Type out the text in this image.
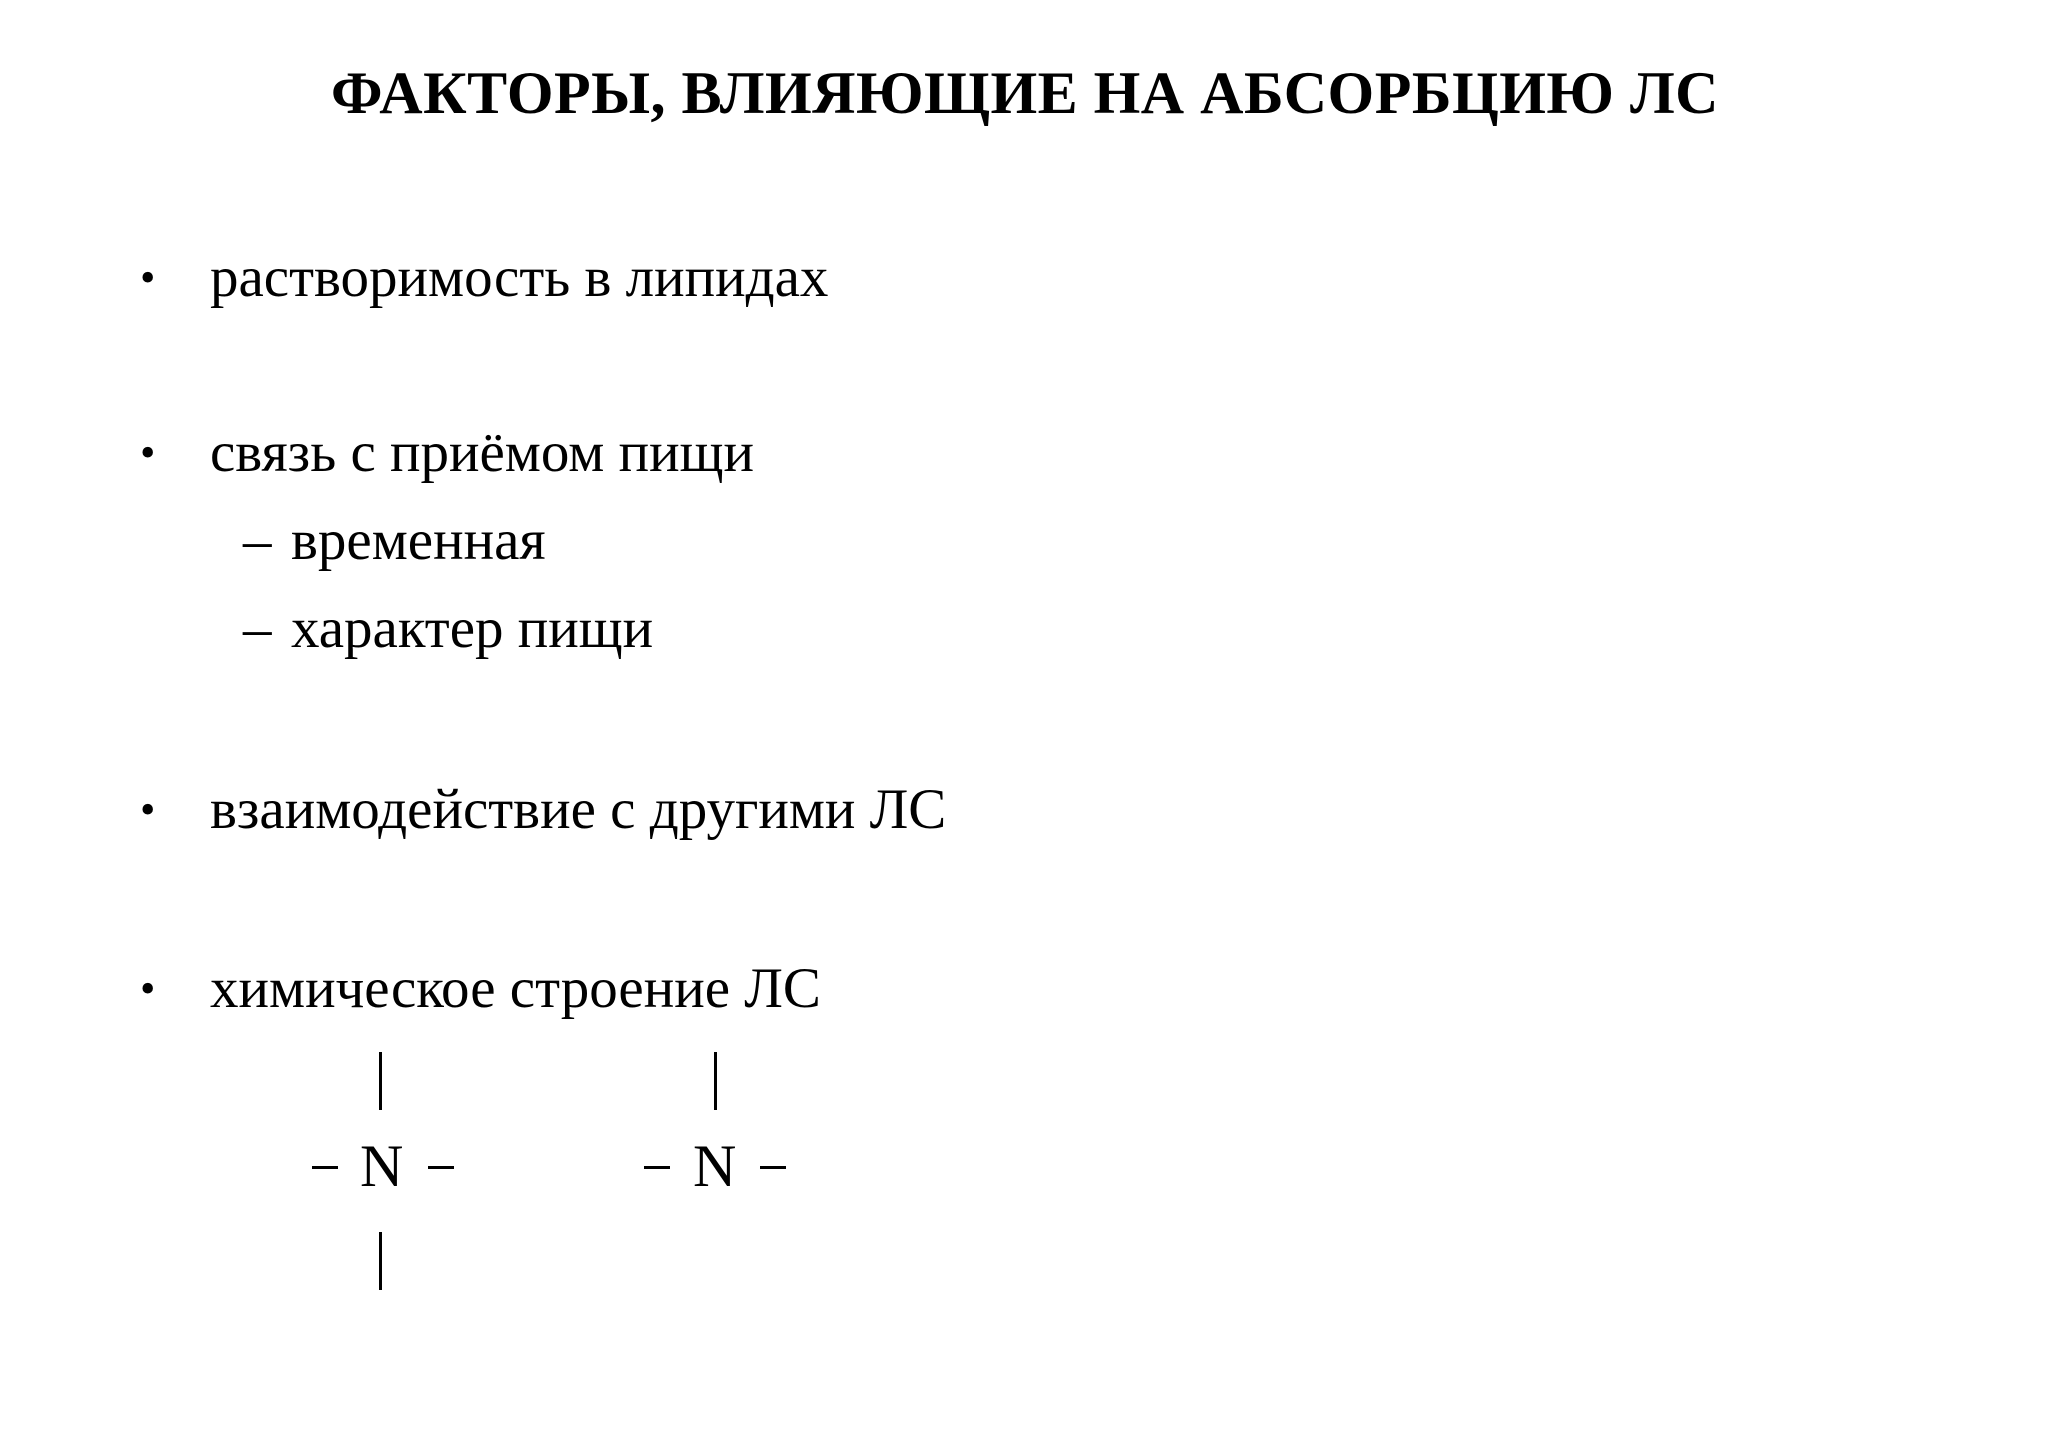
ФАКТОРЫ, ВЛИЯЮЩИЕ НА АБСОРБЦИЮ ЛС
• растворимость в липидах
• связь с приёмом пищи
– временная
– характер пищи
• взаимодействие с другими ЛС
• химическое строение ЛС
N	N
